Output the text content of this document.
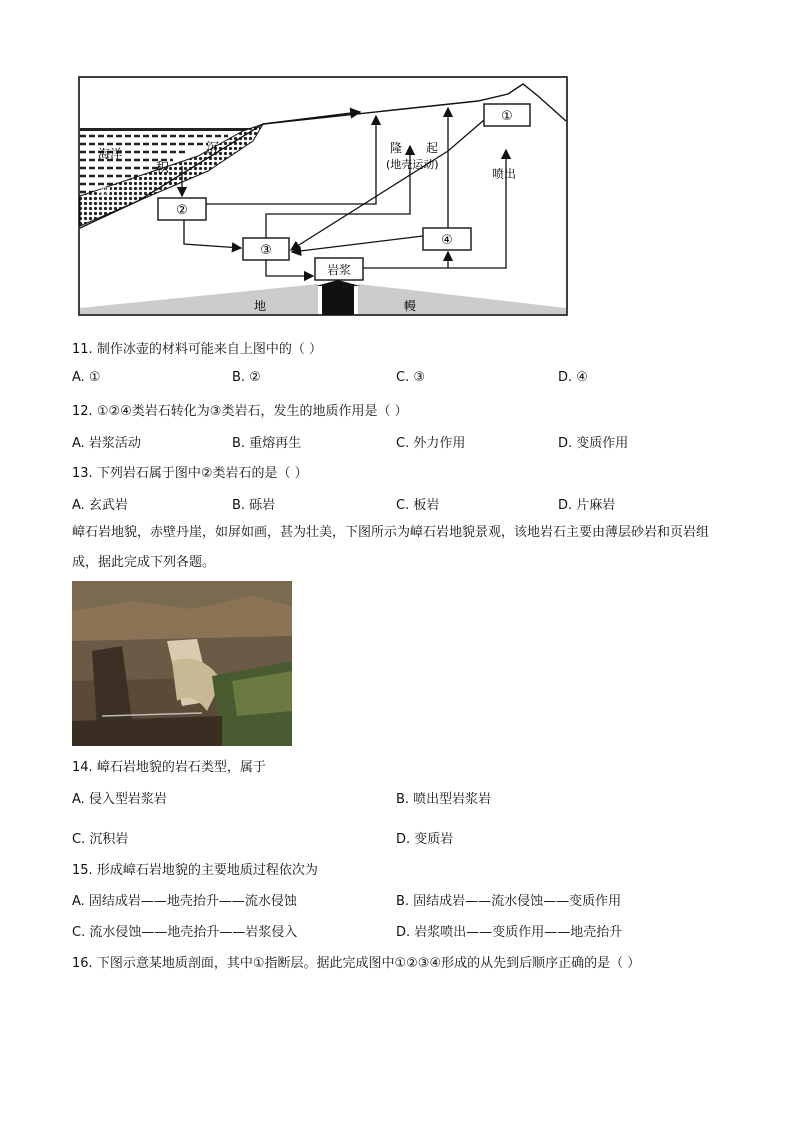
①
②
③
④
岩浆
海洋	沉
积
物
隆 起
(地壳运动)
喷出
地	幔
11. 制作冰壶的材料可能来自上图中的（ ）
A. ①	B. ②	C. ③	D. ④
12. ①②④类岩石转化为③类岩石，发生的地质作用是（ ）
A. 岩浆活动	B. 重熔再生	C. 外力作用	D. 变质作用
13. 下列岩石属于图中②类岩石的是（ ）
A. 玄武岩	B. 砾岩	C. 板岩	D. 片麻岩
嶂石岩地貌，赤壁丹崖，如屏如画，甚为壮美，下图所示为嶂石岩地貌景观，该地岩石主要由薄层砂岩和页岩组成，据此完成下列各题。
14. 嶂石岩地貌的岩石类型，属于
A. 侵入型岩浆岩	B. 喷出型岩浆岩
C. 沉积岩	D. 变质岩
15. 形成嶂石岩地貌的主要地质过程依次为
A. 固结成岩——地壳抬升——流水侵蚀	B. 固结成岩——流水侵蚀——变质作用
C. 流水侵蚀——地壳抬升——岩浆侵入	D. 岩浆喷出——变质作用——地壳抬升
16. 下图示意某地质剖面，其中①指断层。据此完成图中①②③④形成的从先到后顺序正确的是（ ）
